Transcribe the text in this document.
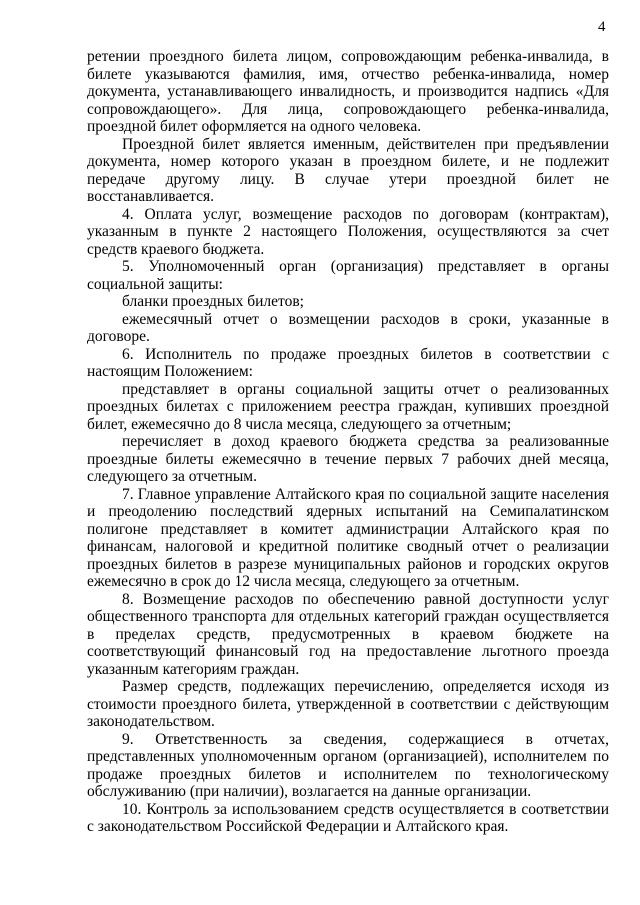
4

ретении проездного билета лицом, сопровождающим ребенка-инвалида, в билете указываются фамилия, имя, отчество ребенка-инвалида, номер документа, устанавливающего инвалидность, и производится надпись «Для сопровождающего». Для лица, сопровождающего ребенка-инвалида, проездной билет оформляется на одного человека.

Проездной билет является именным, действителен при предъявлении документа, номер которого указан в проездном билете, и не подлежит передаче другому лицу. В случае утери проездной билет не восстанавливается.

4. Оплата услуг, возмещение расходов по договорам (контрактам), указанным в пункте 2 настоящего Положения, осуществляются за счет средств краевого бюджета.

5. Уполномоченный орган (организация) представляет в органы социальной защиты:

бланки проездных билетов;

ежемесячный отчет о возмещении расходов в сроки, указанные в договоре.

6. Исполнитель по продаже проездных билетов в соответствии с настоящим Положением:

представляет в органы социальной защиты отчет о реализованных проездных билетах с приложением реестра граждан, купивших проездной билет, ежемесячно до 8 числа месяца, следующего за отчетным;

перечисляет в доход краевого бюджета средства за реализованные проездные билеты ежемесячно в течение первых 7 рабочих дней месяца, следующего за отчетным.

7. Главное управление Алтайского края по социальной защите населения и преодолению последствий ядерных испытаний на Семипалатинском полигоне представляет в комитет администрации Алтайского края по финансам, налоговой и кредитной политике сводный отчет о реализации проездных билетов в разрезе муниципальных районов и городских округов ежемесячно в срок до 12 числа месяца, следующего за отчетным.

8. Возмещение расходов по обеспечению равной доступности услуг общественного транспорта для отдельных категорий граждан осуществляется в пределах средств, предусмотренных в краевом бюджете на соответствующий финансовый год на предоставление льготного проезда указанным категориям граждан.

Размер средств, подлежащих перечислению, определяется исходя из стоимости проездного билета, утвержденной в соответствии с действующим законодательством.

9. Ответственность за сведения, содержащиеся в отчетах, представленных уполномоченным органом (организацией), исполнителем по продаже проездных билетов и исполнителем по технологическому обслуживанию (при наличии), возлагается на данные организации.

10. Контроль за использованием средств осуществляется в соответствии с законодательством Российской Федерации и Алтайского края.
